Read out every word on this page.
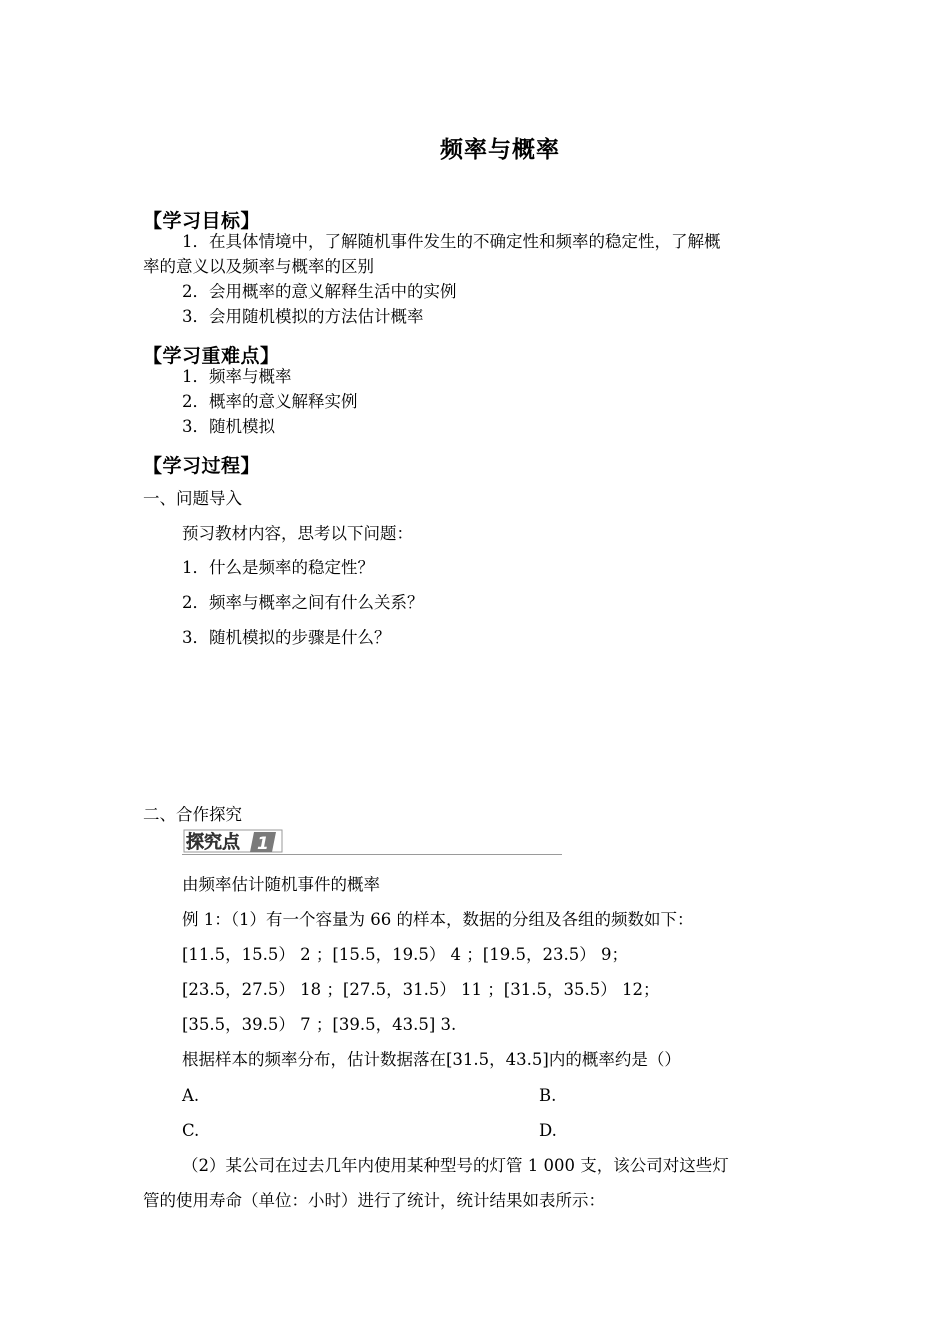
频率与概率
【学习目标】
1．在具体情境中，了解随机事件发生的不确定性和频率的稳定性，了解概
率的意义以及频率与概率的区别
2．会用概率的意义解释生活中的实例
3．会用随机模拟的方法估计概率
【学习重难点】
1．频率与概率
2．概率的意义解释实例
3．随机模拟
【学习过程】
一、问题导入
预习教材内容，思考以下问题：
1．什么是频率的稳定性？
2．频率与概率之间有什么关系？
3．随机模拟的步骤是什么？
二、合作探究
探究点 1
由频率估计随机事件的概率
例 1：（1）有一个容量为 66 的样本，数据的分组及各组的频数如下：
[11.5，15.5） 2 ；[15.5，19.5） 4 ；[19.5，23.5） 9；
[23.5，27.5） 18 ；[27.5，31.5） 11 ；[31.5，35.5） 12；
[35.5，39.5） 7 ；[39.5，43.5] 3.
根据样本的频率分布，估计数据落在[31.5，43.5]内的概率约是（）
A.	B.
C.	D.
（2）某公司在过去几年内使用某种型号的灯管 1 000 支，该公司对这些灯
管的使用寿命（单位：小时）进行了统计，统计结果如表所示：
